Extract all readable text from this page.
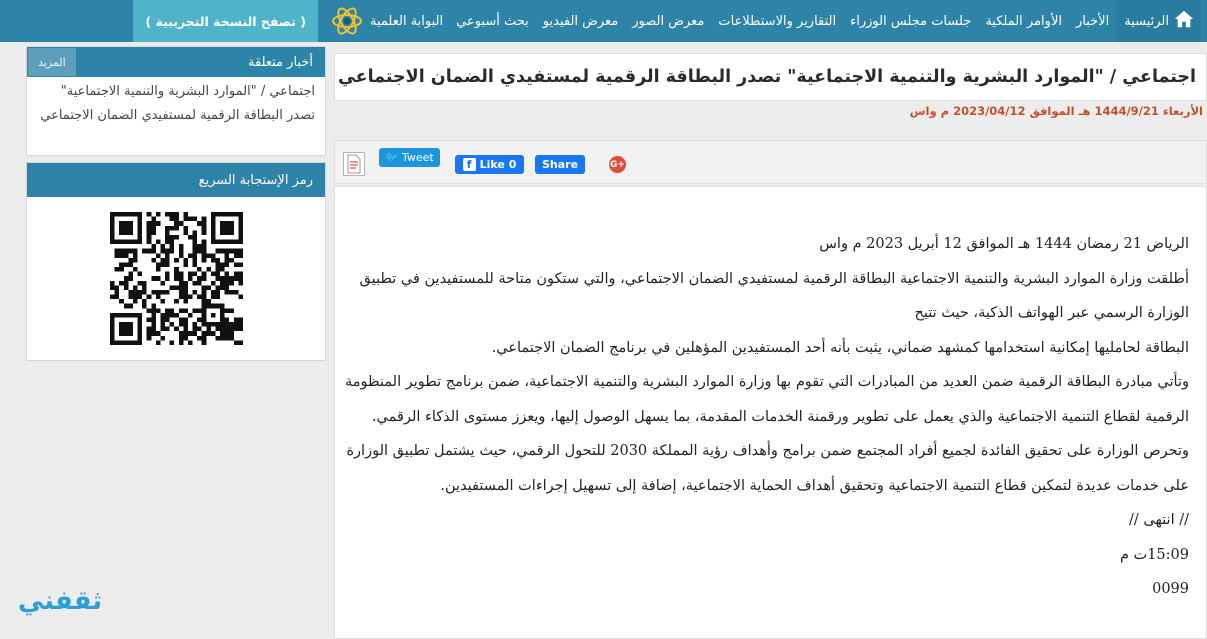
الرئيسية
الأخبار
الأوامر الملكية
جلسات مجلس الوزراء
التقارير والاستطلاعات
معرض الصور
معرض الفيديو
بحث أسبوعي
البوابة العلمية
( تصفح النسخة التجريبية )
أخبار متعلقة
المزيد
اجتماعي / "الموارد البشرية والتنمية الاجتماعية" تصدر البطاقة الرقمية لمستفيدي الضمان الاجتماعي
رمز الإستجابة السريع
اجتماعي / "الموارد البشرية والتنمية الاجتماعية" تصدر البطاقة الرقمية لمستفيدي الضمان الاجتماعي
الأربعاء 1444/9/21 هـ الموافق 2023/04/12 م واس
🐦 Tweet
f Like 0	Share	G+

الرياض 21 رمضان 1444 هـ الموافق 12 أبريل 2023 م واس

أطلقت وزارة الموارد البشرية والتنمية الاجتماعية البطاقة الرقمية لمستفيدي الضمان الاجتماعي، والتي ستكون متاحة للمستفيدين في تطبيق الوزارة الرسمي عبر الهواتف الذكية، حيث تتيح

البطاقة لحامليها إمكانية استخدامها كمشهد ضماني، يثبت بأنه أحد المستفيدين المؤهلين في برنامج الضمان الاجتماعي.

وتأتي مبادرة البطاقة الرقمية ضمن العديد من المبادرات التي تقوم بها وزارة الموارد البشرية والتنمية الاجتماعية، ضمن برنامج تطوير المنظومة الرقمية لقطاع التنمية الاجتماعية والذي يعمل على تطوير ورقمنة الخدمات المقدمة، بما يسهل الوصول إليها، ويعزز مستوى الذكاء الرقمي.

وتحرص الوزارة على تحقيق الفائدة لجميع أفراد المجتمع ضمن برامج وأهداف رؤية المملكة 2030 للتحول الرقمي، حيث يشتمل تطبيق الوزارة على خدمات عديدة لتمكين قطاع التنمية الاجتماعية وتحقيق أهداف الحماية الاجتماعية، إضافة إلى تسهيل إجراءات المستفيدين.

// انتهى //

15:09ت م

0099

ثقفني
